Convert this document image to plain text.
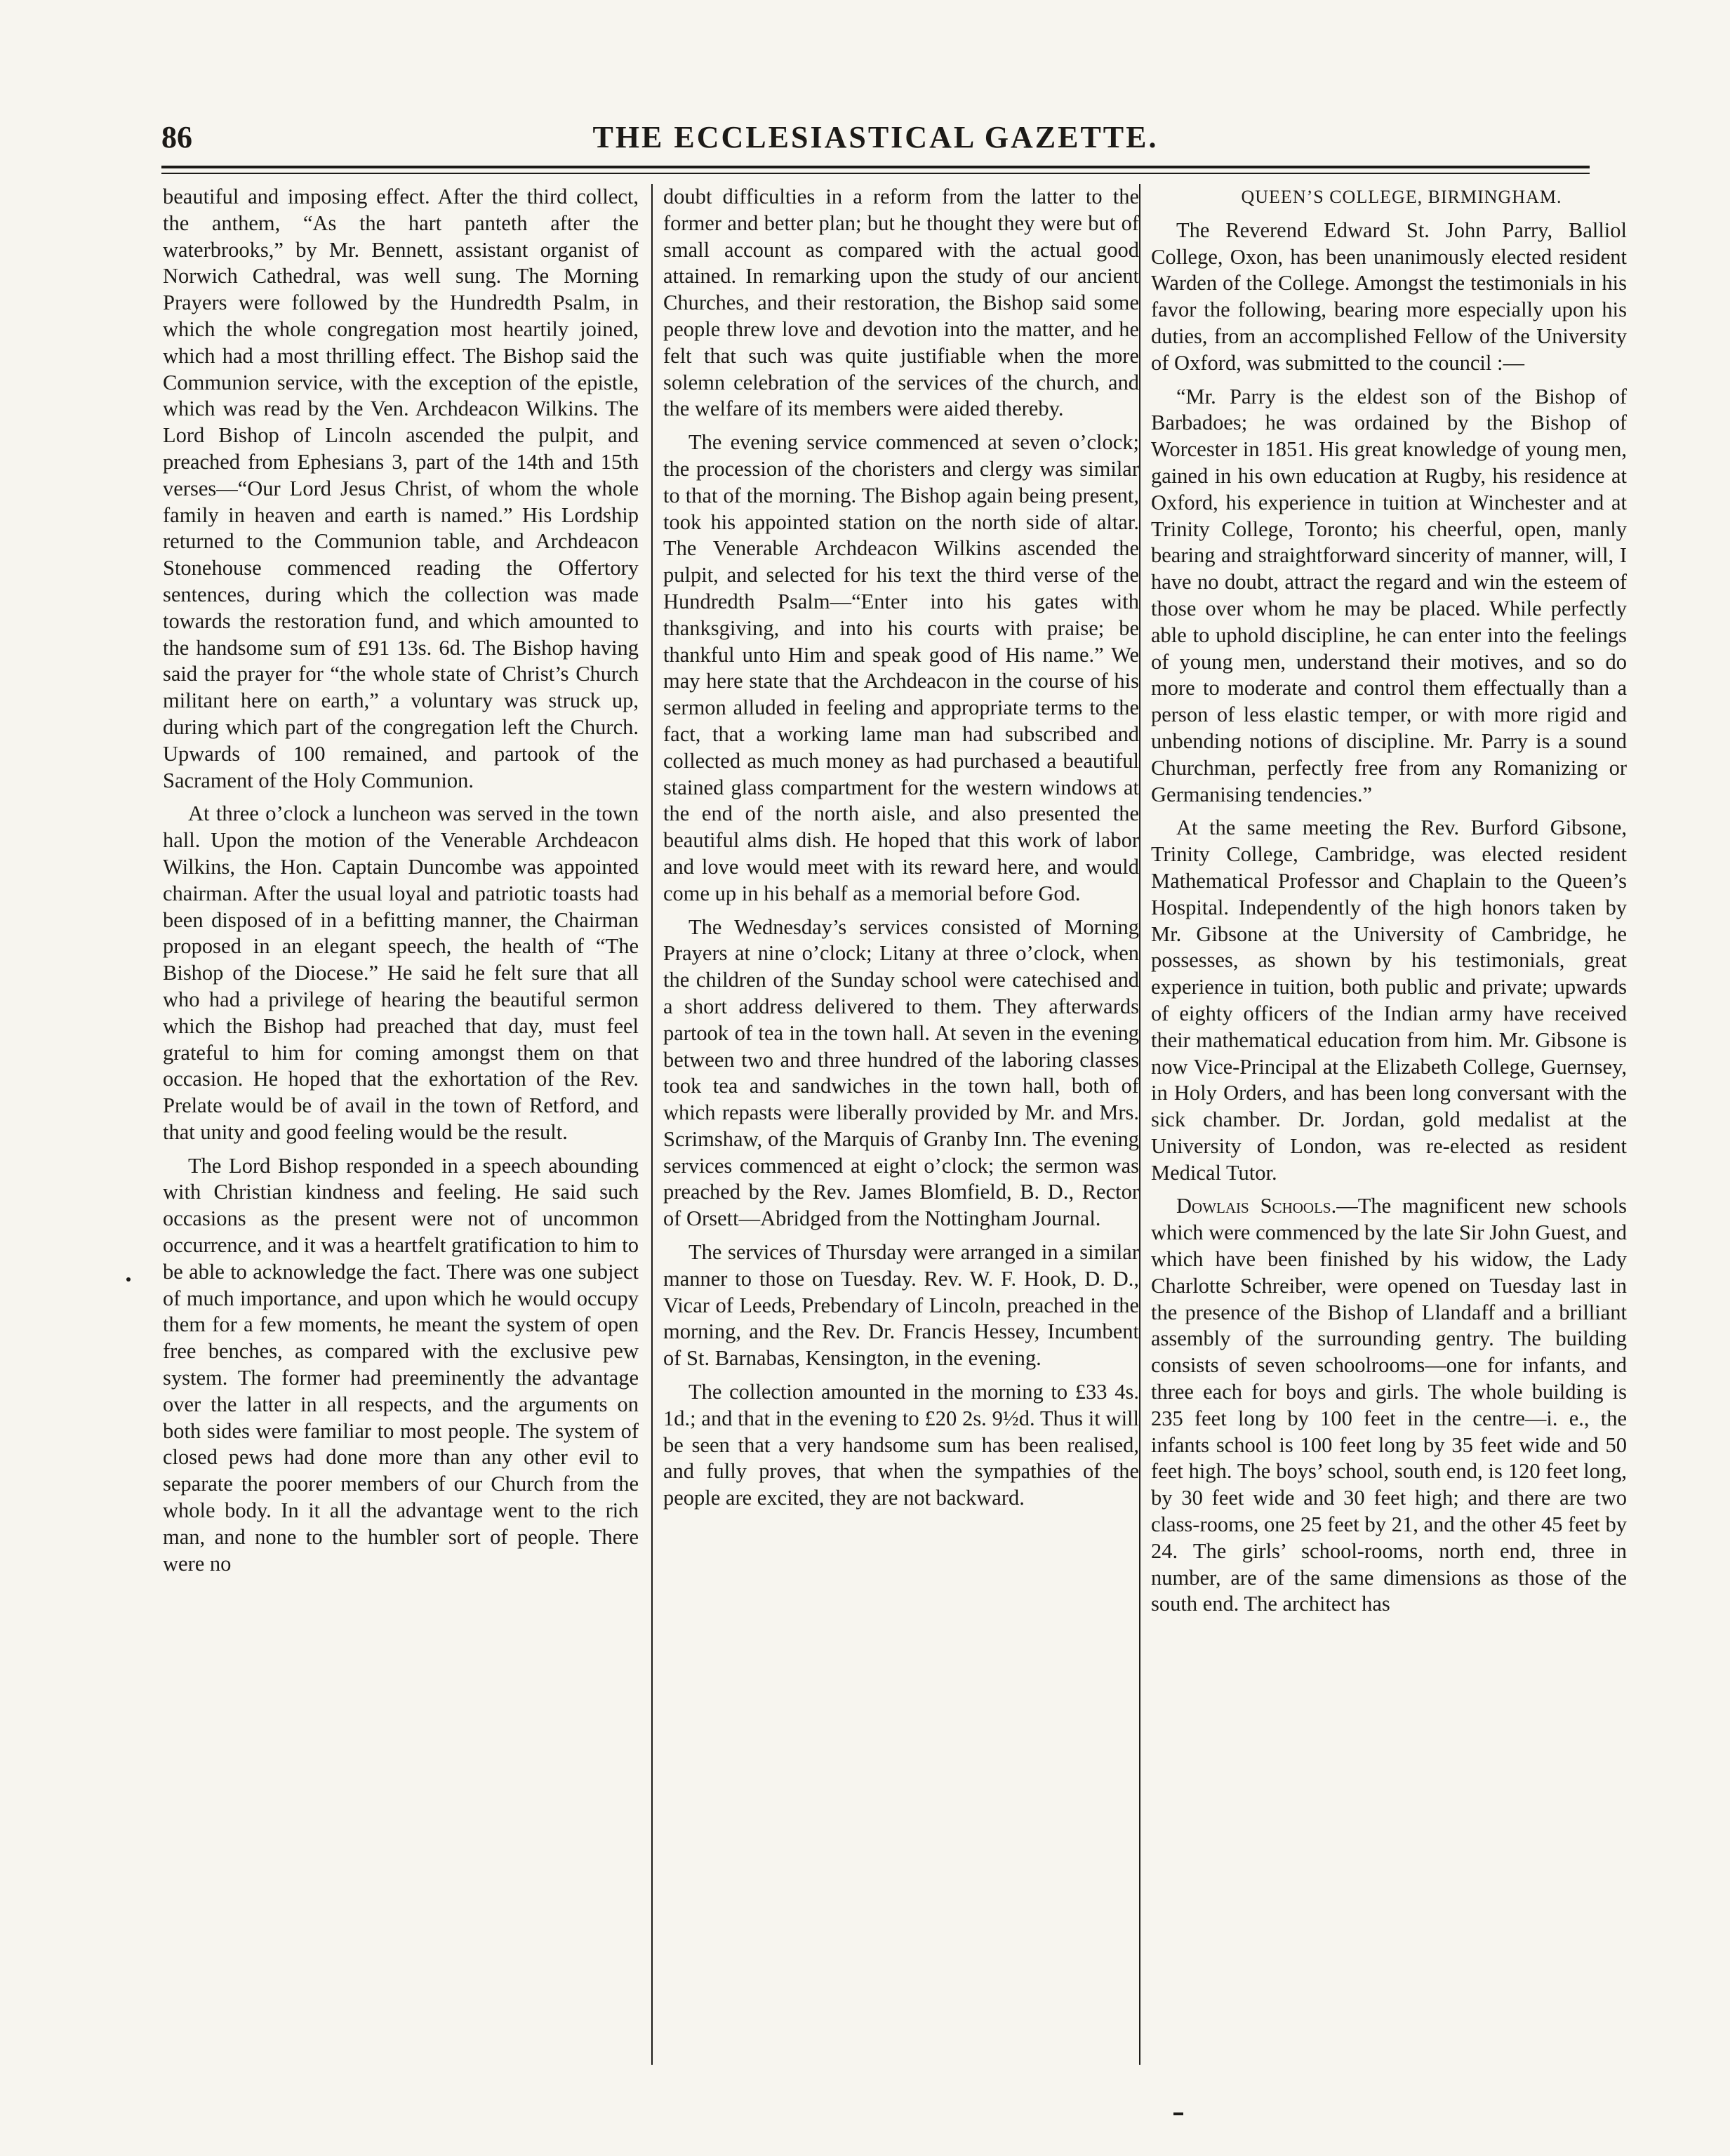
86	THE ECCLESIASTICAL GAZETTE.

beautiful and imposing effect. After the third collect, the anthem, “As the hart panteth after the waterbrooks,” by Mr. Bennett, assistant organist of Norwich Cathedral, was well sung. The Morning Prayers were followed by the Hundredth Psalm, in which the whole congregation most heartily joined, which had a most thrilling effect. The Bishop said the Communion service, with the exception of the epistle, which was read by the Ven. Archdeacon Wilkins. The Lord Bishop of Lincoln ascended the pulpit, and preached from Ephesians 3, part of the 14th and 15th verses—“Our Lord Jesus Christ, of whom the whole family in heaven and earth is named.” His Lordship returned to the Communion table, and Archdeacon Stonehouse commenced reading the Offertory sentences, during which the collection was made towards the restoration fund, and which amounted to the handsome sum of £91 13s. 6d. The Bishop having said the prayer for “the whole state of Christ’s Church militant here on earth,” a voluntary was struck up, during which part of the congregation left the Church. Upwards of 100 remained, and partook of the Sacrament of the Holy Communion.

At three o’clock a luncheon was served in the town hall. Upon the motion of the Venerable Archdeacon Wilkins, the Hon. Captain Duncombe was appointed chairman. After the usual loyal and patriotic toasts had been disposed of in a befitting manner, the Chairman proposed in an elegant speech, the health of “The Bishop of the Diocese.” He said he felt sure that all who had a privilege of hearing the beautiful sermon which the Bishop had preached that day, must feel grateful to him for coming amongst them on that occasion. He hoped that the exhortation of the Rev. Prelate would be of avail in the town of Retford, and that unity and good feeling would be the result.

The Lord Bishop responded in a speech abounding with Christian kindness and feeling. He said such occasions as the present were not of uncommon occurrence, and it was a heartfelt gratification to him to be able to acknowledge the fact. There was one subject of much importance, and upon which he would occupy them for a few moments, he meant the system of open free benches, as compared with the exclusive pew system. The former had preeminently the advantage over the latter in all respects, and the arguments on both sides were familiar to most people. The system of closed pews had done more than any other evil to separate the poorer members of our Church from the whole body. In it all the advantage went to the rich man, and none to the humbler sort of people. There were no

doubt difficulties in a reform from the latter to the former and better plan; but he thought they were but of small account as compared with the actual good attained. In remarking upon the study of our ancient Churches, and their restoration, the Bishop said some people threw love and devotion into the matter, and he felt that such was quite justifiable when the more solemn celebration of the services of the church, and the welfare of its members were aided thereby.

The evening service commenced at seven o’clock; the procession of the choristers and clergy was similar to that of the morning. The Bishop again being present, took his appointed station on the north side of altar. The Venerable Archdeacon Wilkins ascended the pulpit, and selected for his text the third verse of the Hundredth Psalm—“Enter into his gates with thanksgiving, and into his courts with praise; be thankful unto Him and speak good of His name.” We may here state that the Archdeacon in the course of his sermon alluded in feeling and appropriate terms to the fact, that a working lame man had subscribed and collected as much money as had purchased a beautiful stained glass compartment for the western windows at the end of the north aisle, and also presented the beautiful alms dish. He hoped that this work of labor and love would meet with its reward here, and would come up in his behalf as a memorial before God.

The Wednesday’s services consisted of Morning Prayers at nine o’clock; Litany at three o’clock, when the children of the Sunday school were catechised and a short address delivered to them. They afterwards partook of tea in the town hall. At seven in the evening between two and three hundred of the laboring classes took tea and sandwiches in the town hall, both of which repasts were liberally provided by Mr. and Mrs. Scrimshaw, of the Marquis of Granby Inn. The evening services commenced at eight o’clock; the sermon was preached by the Rev. James Blomfield, B. D., Rector of Orsett—Abridged from the Nottingham Journal.

The services of Thursday were arranged in a similar manner to those on Tuesday. Rev. W. F. Hook, D. D., Vicar of Leeds, Prebendary of Lincoln, preached in the morning, and the Rev. Dr. Francis Hessey, Incumbent of St. Barnabas, Kensington, in the evening.

The collection amounted in the morning to £33 4s. 1d.; and that in the evening to £20 2s. 9½d. Thus it will be seen that a very handsome sum has been realised, and fully proves, that when the sympathies of the people are excited, they are not backward.

QUEEN’S COLLEGE, BIRMINGHAM.

The Reverend Edward St. John Parry, Balliol College, Oxon, has been unanimously elected resident Warden of the College. Amongst the testimonials in his favor the following, bearing more especially upon his duties, from an accomplished Fellow of the University of Oxford, was submitted to the council :—

“Mr. Parry is the eldest son of the Bishop of Barbadoes; he was ordained by the Bishop of Worcester in 1851. His great knowledge of young men, gained in his own education at Rugby, his residence at Oxford, his experience in tuition at Winchester and at Trinity College, Toronto; his cheerful, open, manly bearing and straightforward sincerity of manner, will, I have no doubt, attract the regard and win the esteem of those over whom he may be placed. While perfectly able to uphold discipline, he can enter into the feelings of young men, understand their motives, and so do more to moderate and control them effectually than a person of less elastic temper, or with more rigid and unbending notions of discipline. Mr. Parry is a sound Churchman, perfectly free from any Romanizing or Germanising tendencies.”

At the same meeting the Rev. Burford Gibsone, Trinity College, Cambridge, was elected resident Mathematical Professor and Chaplain to the Queen’s Hospital. Independently of the high honors taken by Mr. Gibsone at the University of Cambridge, he possesses, as shown by his testimonials, great experience in tuition, both public and private; upwards of eighty officers of the Indian army have received their mathematical education from him. Mr. Gibsone is now Vice-Principal at the Elizabeth College, Guernsey, in Holy Orders, and has been long conversant with the sick chamber. Dr. Jordan, gold medalist at the University of London, was re-elected as resident Medical Tutor.

Dowlais Schools.—The magnificent new schools which were commenced by the late Sir John Guest, and which have been finished by his widow, the Lady Charlotte Schreiber, were opened on Tuesday last in the presence of the Bishop of Llandaff and a brilliant assembly of the surrounding gentry. The building consists of seven schoolrooms—one for infants, and three each for boys and girls. The whole building is 235 feet long by 100 feet in the centre—i. e., the infants school is 100 feet long by 35 feet wide and 50 feet high. The boys’ school, south end, is 120 feet long, by 30 feet wide and 30 feet high; and there are two class-rooms, one 25 feet by 21, and the other 45 feet by 24. The girls’ school-rooms, north end, three in number, are of the same dimensions as those of the south end. The architect has
